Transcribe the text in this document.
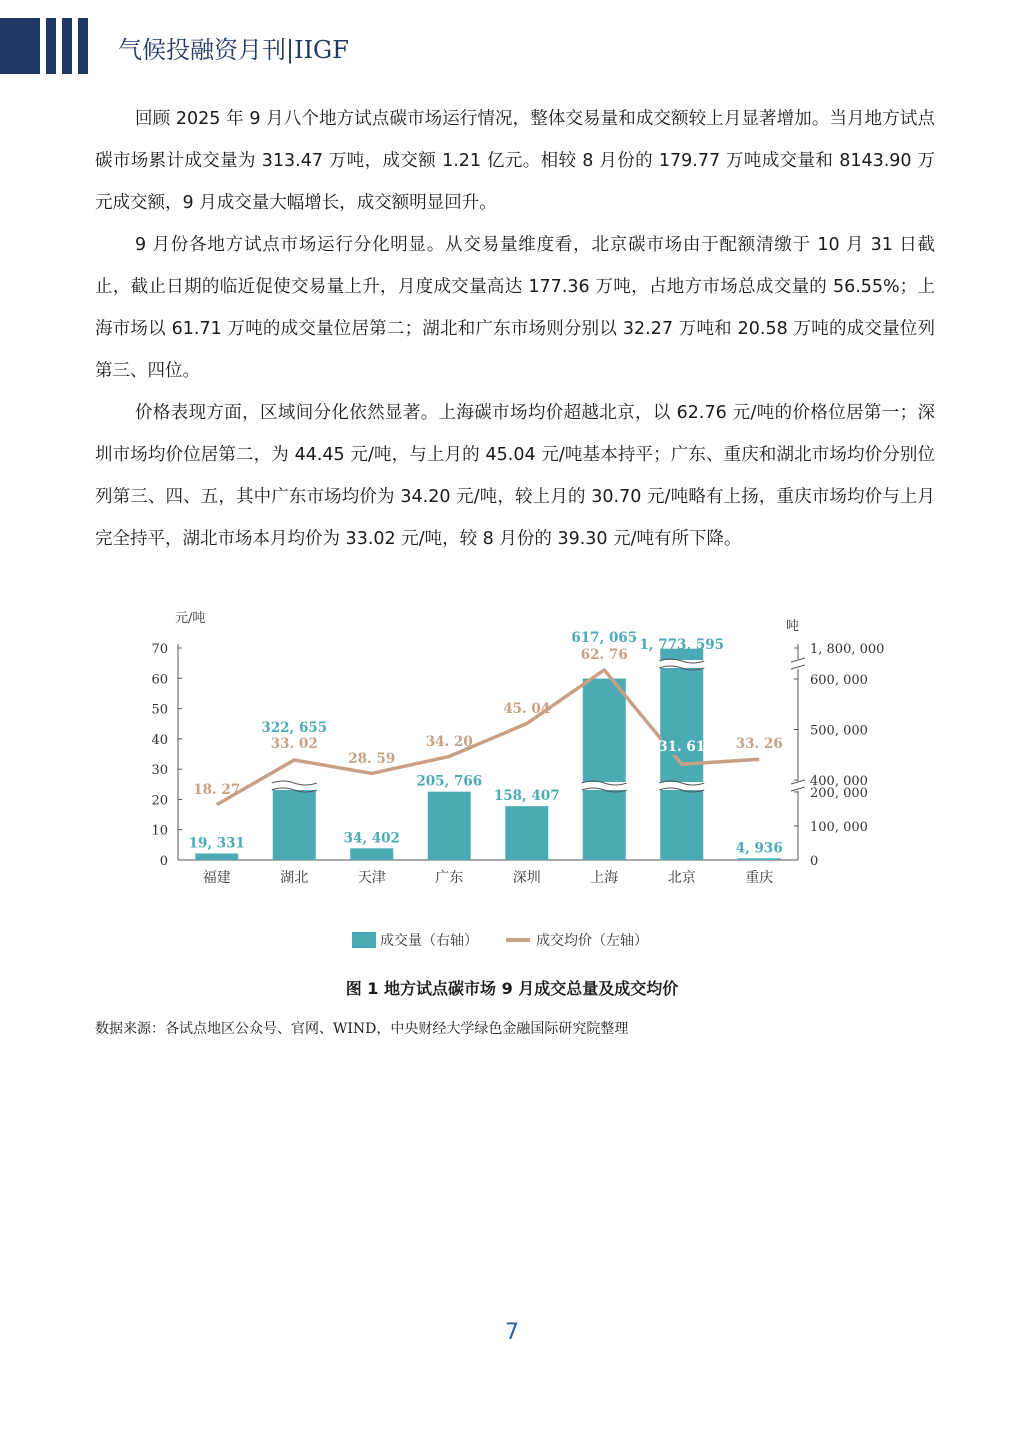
气候投融资月刊|IIGF

回顾 2025 年 9 月八个地方试点碳市场运行情况，整体交易量和成交额较上月显著增加。当月地方试点碳市场累计成交量为 313.47 万吨，成交额 1.21 亿元。相较 8 月份的 179.77 万吨成交量和 8143.90 万元成交额，9 月成交量大幅增长，成交额明显回升。

9 月份各地方试点市场运行分化明显。从交易量维度看，北京碳市场由于配额清缴于 10 月 31 日截止，截止日期的临近促使交易量上升，月度成交量高达 177.36 万吨，占地方市场总成交量的 56.55%；上海市场以 61.71 万吨的成交量位居第二；湖北和广东市场则分别以 32.27 万吨和 20.58 万吨的成交量位列第三、四位。

价格表现方面，区域间分化依然显著。上海碳市场均价超越北京，以 62.76 元/吨的价格位居第一；深圳市场均价位居第二，为 44.45 元/吨，与上月的 45.04 元/吨基本持平；广东、重庆和湖北市场均价分别位列第三、四、五，其中广东市场均价为 34.20 元/吨，较上月的 30.70 元/吨略有上扬，重庆市场均价与上月完全持平，湖北市场本月均价为 33.02 元/吨，较 8 月份的 39.30 元/吨有所下降。

元/吨
0
10
20
30
40
50
60
70
吨
0
100, 000
200, 000
400, 000
500, 000
600, 000
1, 800, 000
19, 331
322, 655
34, 402
205, 766
158, 407
617, 065 1, 773, 595
4, 936
18. 27
33. 02
28. 59
34. 20
45. 04
62. 76
31. 61 33. 26
福建	湖北	天津	广东	深圳	上海	北京	重庆
成交量（右轴）	成交均价（左轴）
图 1 地方试点碳市场 9 月成交总量及成交均价
数据来源：各试点地区公众号、官网、WIND，中央财经大学绿色金融国际研究院整理
7
